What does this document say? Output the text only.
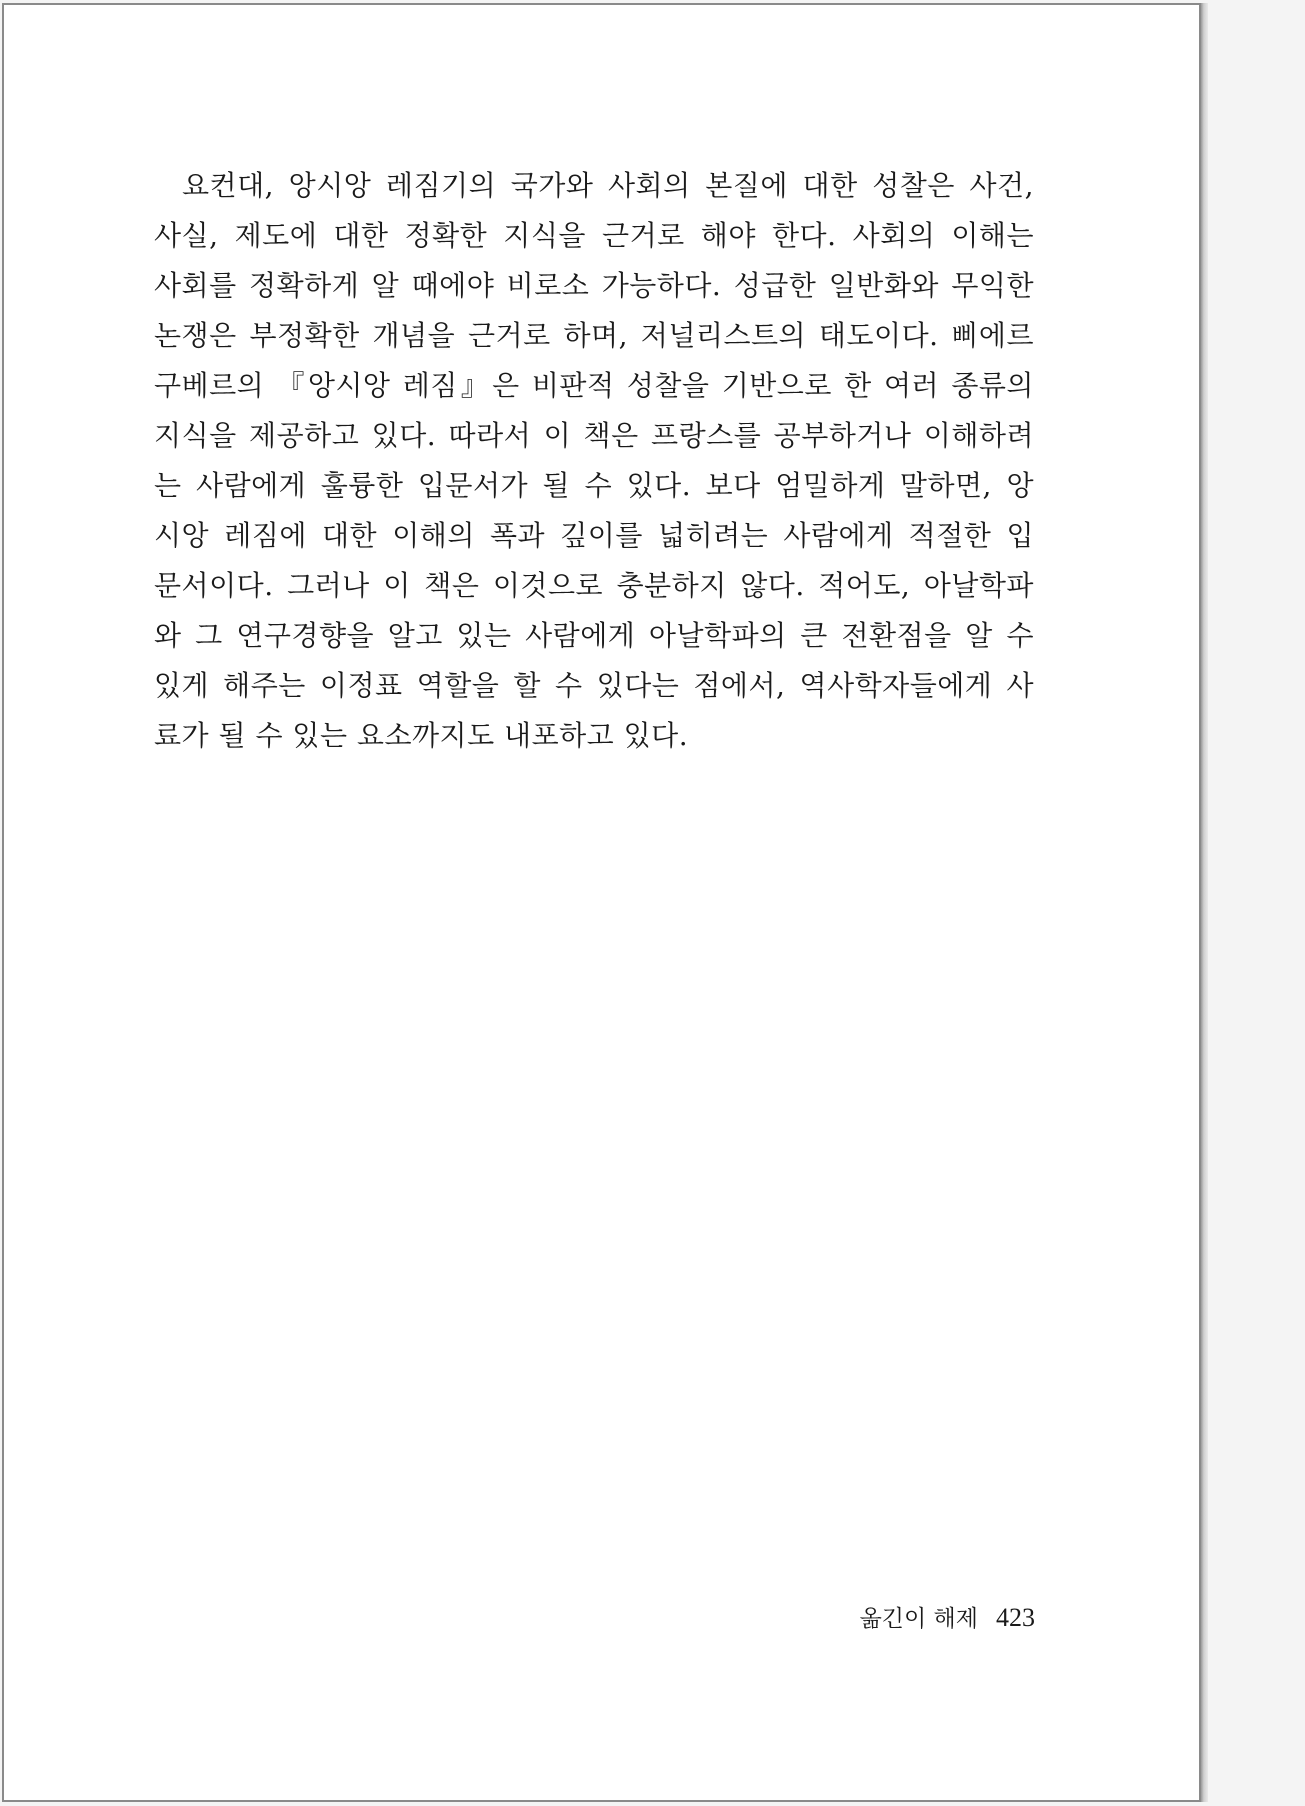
요컨대, 앙시앙 레짐기의 국가와 사회의 본질에 대한 성찰은 사건,
사실, 제도에 대한 정확한 지식을 근거로 해야 한다. 사회의 이해는
사회를 정확하게 알 때에야 비로소 가능하다. 성급한 일반화와 무익한
논쟁은 부정확한 개념을 근거로 하며, 저널리스트의 태도이다. 삐에르
구베르의 『앙시앙 레짐』은 비판적 성찰을 기반으로 한 여러 종류의
지식을 제공하고 있다. 따라서 이 책은 프랑스를 공부하거나 이해하려
는 사람에게 훌륭한 입문서가 될 수 있다. 보다 엄밀하게 말하면, 앙
시앙 레짐에 대한 이해의 폭과 깊이를 넓히려는 사람에게 적절한 입
문서이다. 그러나 이 책은 이것으로 충분하지 않다. 적어도, 아날학파
와 그 연구경향을 알고 있는 사람에게 아날학파의 큰 전환점을 알 수
있게 해주는 이정표 역할을 할 수 있다는 점에서, 역사학자들에게 사
료가 될 수 있는 요소까지도 내포하고 있다.
옮긴이 해제 423
